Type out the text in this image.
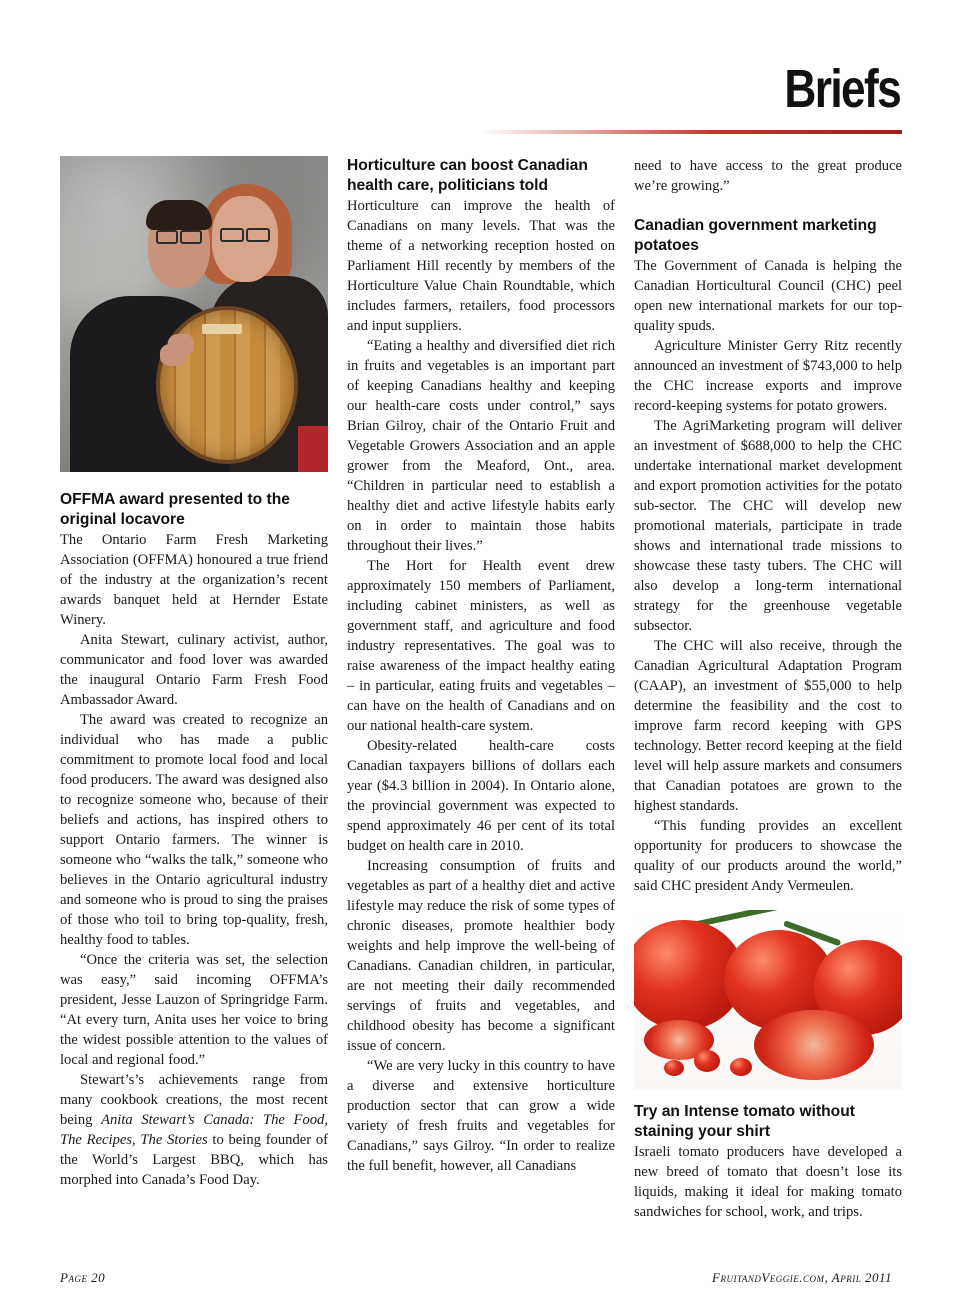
Briefs
OFFMA award presented to the original locavore

The Ontario Farm Fresh Marketing Association (OFFMA) honoured a true friend of the industry at the organization’s recent awards banquet held at Hernder Estate Winery.

Anita Stewart, culinary activist, author, communicator and food lover was awarded the inaugural Ontario Farm Fresh Food Ambassador Award.

The award was created to recognize an individual who has made a public commitment to promote local food and local food producers. The award was designed also to recognize someone who, because of their beliefs and actions, has inspired others to support Ontario farmers. The winner is someone who “walks the talk,” someone who believes in the Ontario agricultural industry and someone who is proud to sing the praises of those who toil to bring top-quality, fresh, healthy food to tables.

“Once the criteria was set, the selection was easy,” said incoming OFFMA’s president, Jesse Lauzon of Springridge Farm. “At every turn, Anita uses her voice to bring the widest possible attention to the values of local and regional food.”

Stewart’s’s achievements range from many cookbook creations, the most recent being Anita Stewart’s Canada: The Food, The Recipes, The Stories to being founder of the World’s Largest BBQ, which has morphed into Canada’s Food Day.

Horticulture can boost Canadian health care, politicians told

Horticulture can improve the health of Canadians on many levels. That was the theme of a networking reception hosted on Parliament Hill recently by members of the Horticulture Value Chain Roundtable, which includes farmers, retailers, food processors and input suppliers.

“Eating a healthy and diversified diet rich in fruits and vegetables is an important part of keeping Canadians healthy and keeping our health-care costs under control,” says Brian Gilroy, chair of the Ontario Fruit and Vegetable Growers Association and an apple grower from the Meaford, Ont., area. “Children in particular need to establish a healthy diet and active lifestyle habits early on in order to maintain those habits throughout their lives.”

The Hort for Health event drew approximately 150 members of Parliament, including cabinet ministers, as well as government staff, and agriculture and food industry representatives. The goal was to raise awareness of the impact healthy eating – in particular, eating fruits and vegetables – can have on the health of Canadians and on our national health-care system.

Obesity-related health-care costs Canadian taxpayers billions of dollars each year ($4.3 billion in 2004). In Ontario alone, the provincial government was expected to spend approximately 46 per cent of its total budget on health care in 2010.

Increasing consumption of fruits and vegetables as part of a healthy diet and active lifestyle may reduce the risk of some types of chronic diseases, promote healthier body weights and help improve the well-being of Canadians. Canadian children, in particular, are not meeting their daily recommended servings of fruits and vegetables, and childhood obesity has become a significant issue of concern.

“We are very lucky in this country to have a diverse and extensive horticulture production sector that can grow a wide variety of fresh fruits and vegetables for Canadians,” says Gilroy. “In order to realize the full benefit, however, all Canadians

need to have access to the great produce we’re growing.”

Canadian government marketing potatoes

The Government of Canada is helping the Canadian Horticultural Council (CHC) peel open new international markets for our top-quality spuds.

Agriculture Minister Gerry Ritz recently announced an investment of $743,000 to help the CHC increase exports and improve record-keeping systems for potato growers.

The AgriMarketing program will deliver an investment of $688,000 to help the CHC undertake international market development and export promotion activities for the potato sub-sector. The CHC will develop new promotional materials, participate in trade shows and international trade missions to showcase these tasty tubers. The CHC will also develop a long-term international strategy for the greenhouse vegetable subsector.

The CHC will also receive, through the Canadian Agricultural Adaptation Program (CAAP), an investment of $55,000 to help determine the feasibility and the cost to improve farm record keeping with GPS technology. Better record keeping at the field level will help assure markets and consumers that Canadian potatoes are grown to the highest standards.

“This funding provides an excellent opportunity for producers to showcase the quality of our products around the world,” said CHC president Andy Vermeulen.

Try an Intense tomato without staining your shirt

Israeli tomato producers have developed a new breed of tomato that doesn’t lose its liquids, making it ideal for making tomato sandwiches for school, work, and trips.

Page 20	FruitandVeggie.com, April 2011
